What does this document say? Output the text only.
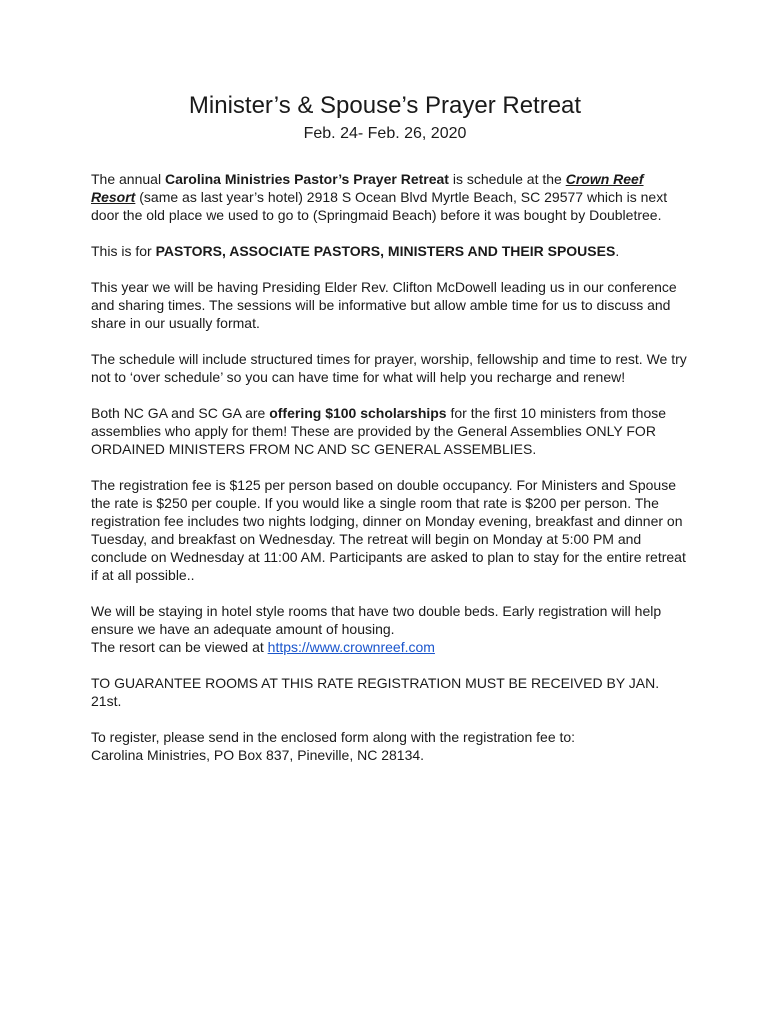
Minister’s & Spouse’s Prayer Retreat
Feb. 24- Feb. 26, 2020

The annual Carolina Ministries Pastor’s Prayer Retreat is schedule at the Crown Reef Resort (same as last year’s hotel) 2918 S Ocean Blvd Myrtle Beach, SC 29577 which is next door the old place we used to go to (Springmaid Beach) before it was bought by Doubletree.

This is for PASTORS, ASSOCIATE PASTORS, MINISTERS AND THEIR SPOUSES.

This year we will be having Presiding Elder Rev. Clifton McDowell leading us in our conference and sharing times. The sessions will be informative but allow amble time for us to discuss and share in our usually format.

The schedule will include structured times for prayer, worship, fellowship and time to rest. We try not to ‘over schedule’ so you can have time for what will help you recharge and renew!

Both NC GA and SC GA are offering $100 scholarships for the first 10 ministers from those assemblies who apply for them! These are provided by the General Assemblies ONLY FOR ORDAINED MINISTERS FROM NC AND SC GENERAL ASSEMBLIES.

The registration fee is $125 per person based on double occupancy. For Ministers and Spouse the rate is $250 per couple. If you would like a single room that rate is $200 per person. The registration fee includes two nights lodging, dinner on Monday evening, breakfast and dinner on Tuesday, and breakfast on Wednesday. The retreat will begin on Monday at 5:00 PM and conclude on Wednesday at 11:00 AM. Participants are asked to plan to stay for the entire retreat if at all possible..

We will be staying in hotel style rooms that have two double beds. Early registration will help ensure we have an adequate amount of housing.
The resort can be viewed at https://www.crownreef.com

TO GUARANTEE ROOMS AT THIS RATE REGISTRATION MUST BE RECEIVED BY JAN. 21st.

To register, please send in the enclosed form along with the registration fee to:
Carolina Ministries, PO Box 837, Pineville, NC 28134.
